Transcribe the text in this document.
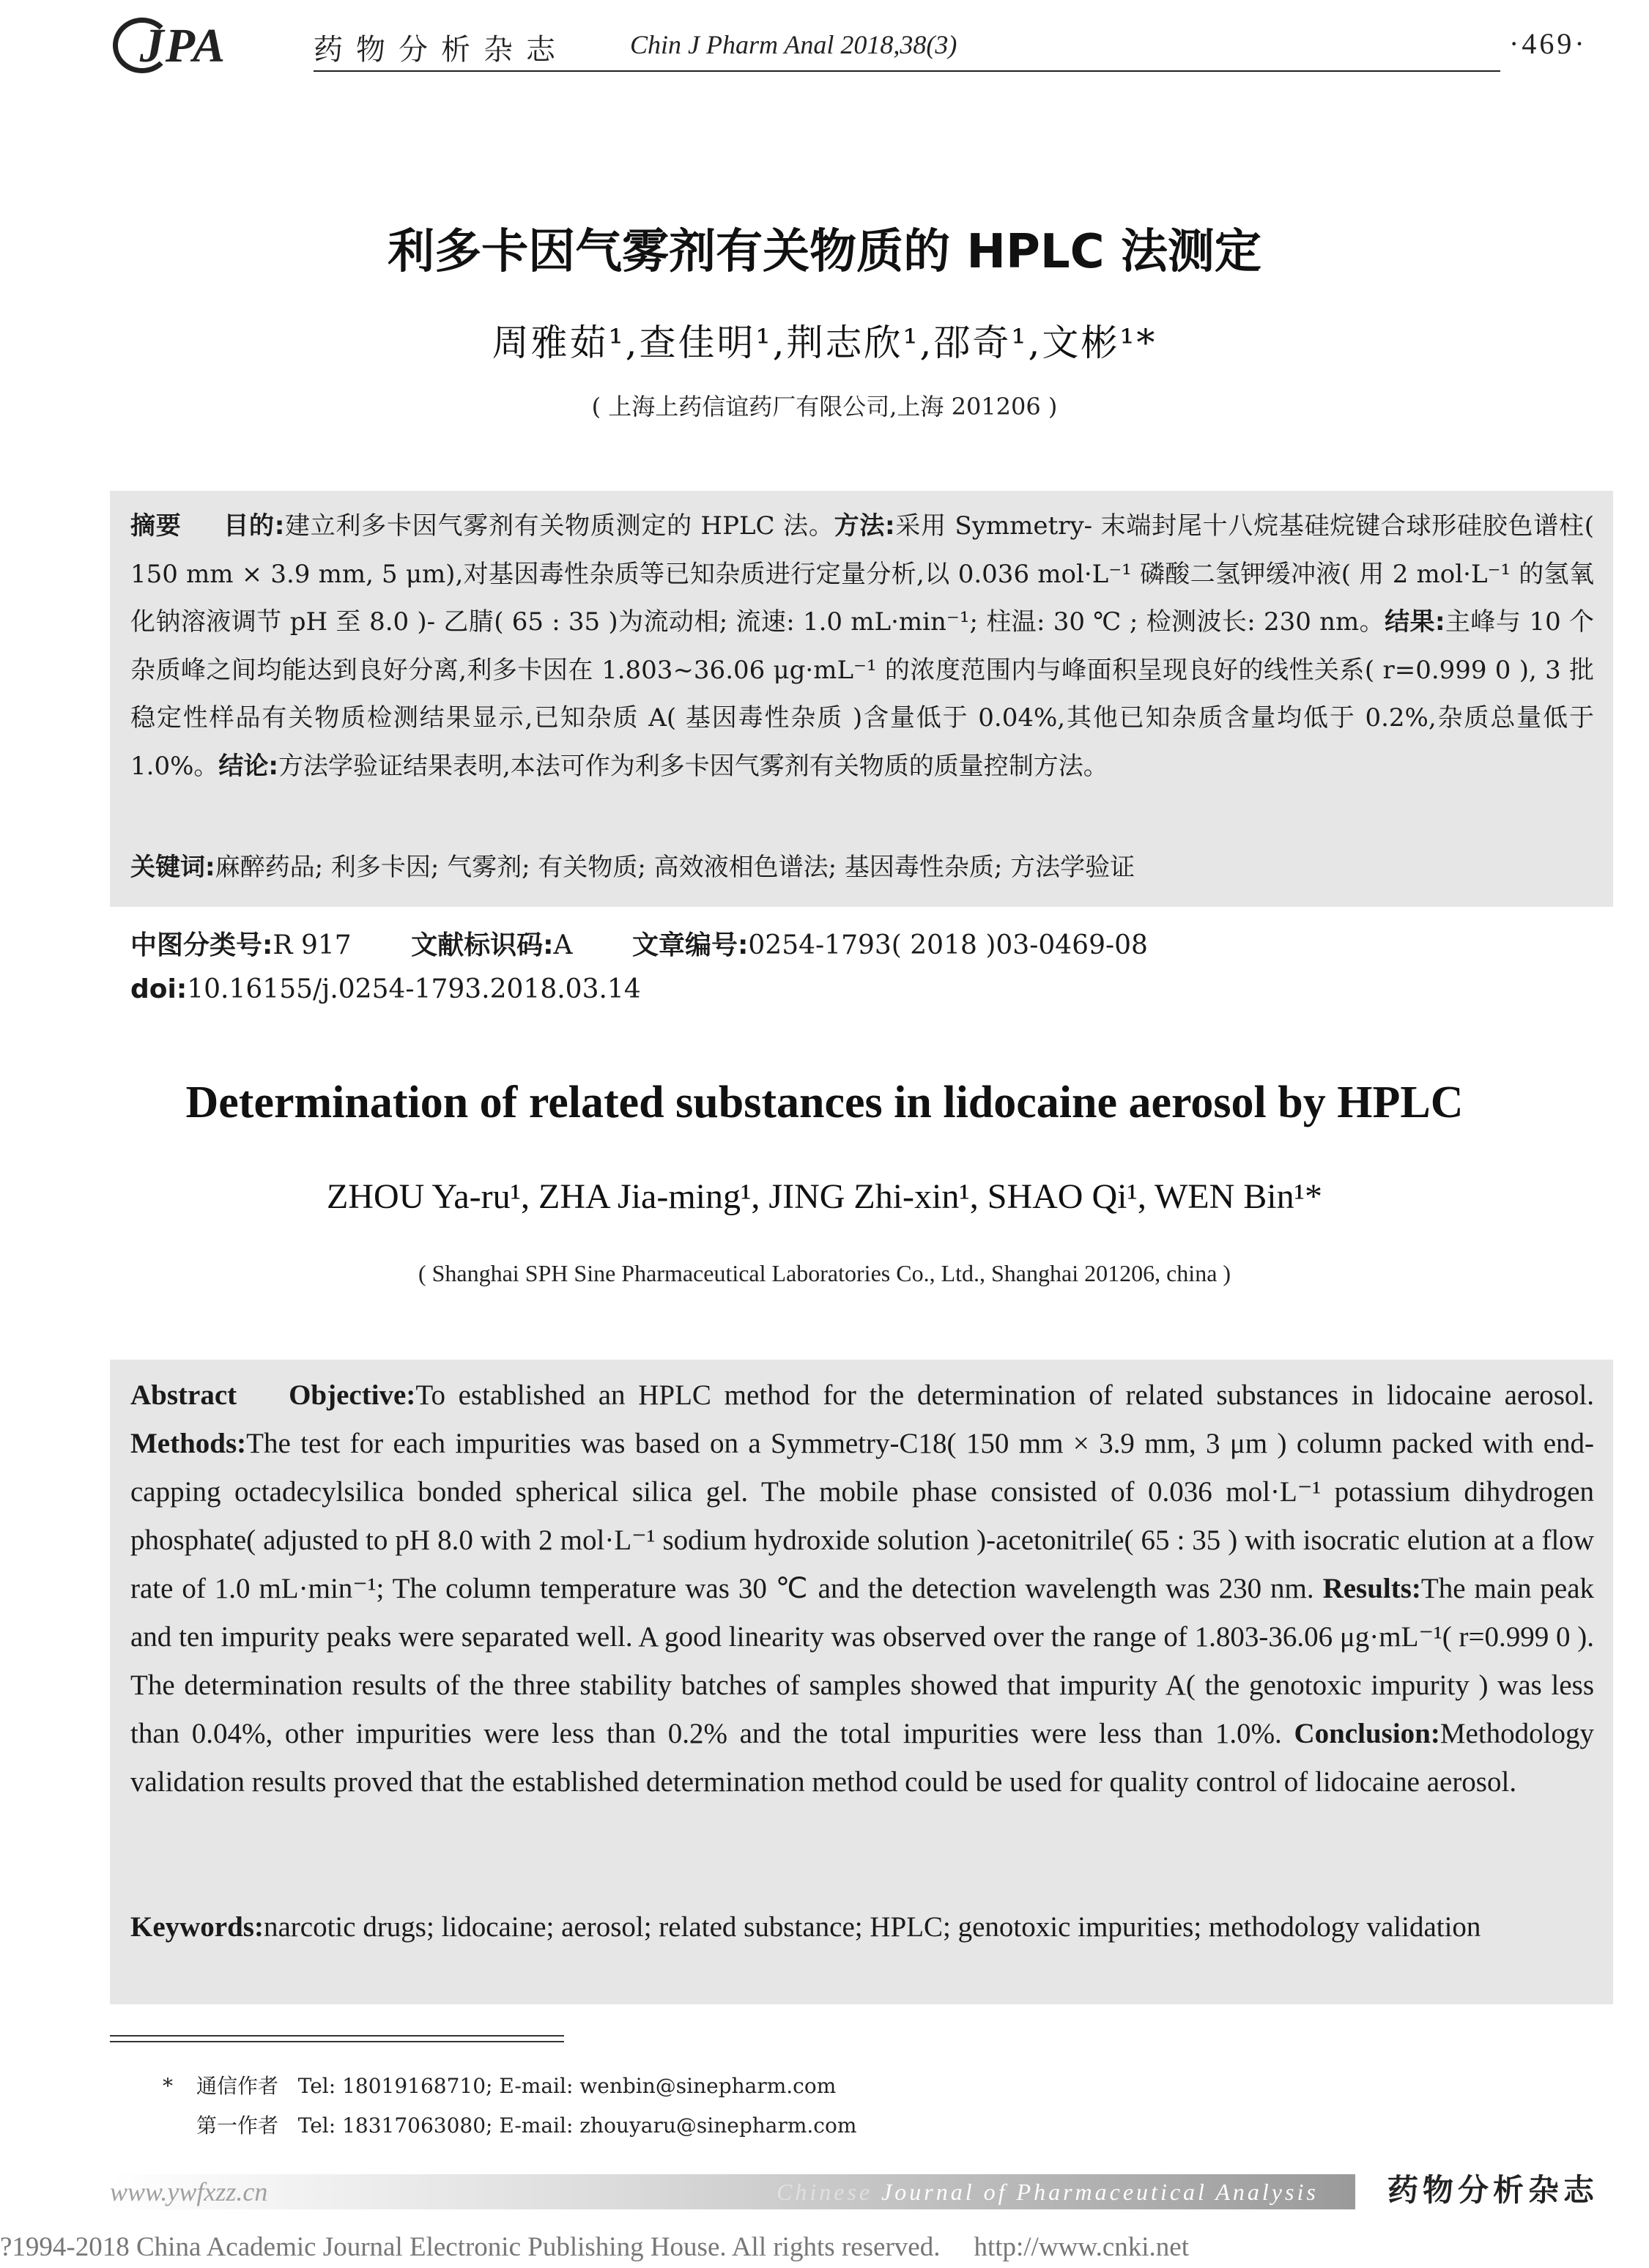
JPA	药物分析杂志 Chin J Pharm Anal 2018,38(3)	·469·
利多卡因气雾剂有关物质的 HPLC 法测定
周雅茹¹,查佳明¹,荆志欣¹,邵奇¹,文彬¹*
( 上海上药信谊药厂有限公司,上海 201206 )
摘要 目的:建立利多卡因气雾剂有关物质测定的 HPLC 法。方法:采用 Symmetry- 末端封尾十八烷基硅烷键合球形硅胶色谱柱( 150 mm × 3.9 mm, 5 μm),对基因毒性杂质等已知杂质进行定量分析,以 0.036 mol·L⁻¹ 磷酸二氢钾缓冲液( 用 2 mol·L⁻¹ 的氢氧化钠溶液调节 pH 至 8.0 )- 乙腈( 65 : 35 )为流动相; 流速: 1.0 mL·min⁻¹; 柱温: 30 ℃ ; 检测波长: 230 nm。结果:主峰与 10 个杂质峰之间均能达到良好分离,利多卡因在 1.803~36.06 μg·mL⁻¹ 的浓度范围内与峰面积呈现良好的线性关系( r=0.999 0 ), 3 批稳定性样品有关物质检测结果显示,已知杂质 A( 基因毒性杂质 )含量低于 0.04%,其他已知杂质含量均低于 0.2%,杂质总量低于 1.0%。结论:方法学验证结果表明,本法可作为利多卡因气雾剂有关物质的质量控制方法。
关键词:麻醉药品; 利多卡因; 气雾剂; 有关物质; 高效液相色谱法; 基因毒性杂质; 方法学验证
中图分类号:R 917 文献标识码:A 文章编号:0254-1793( 2018 )03-0469-08
doi:10.16155/j.0254-1793.2018.03.14
Determination of related substances in lidocaine aerosol by HPLC
ZHOU Ya-ru¹, ZHA Jia-ming¹, JING Zhi-xin¹, SHAO Qi¹, WEN Bin¹*
( Shanghai SPH Sine Pharmaceutical Laboratories Co., Ltd., Shanghai 201206, china )
Abstract Objective:To established an HPLC method for the determination of related substances in lidocaine aerosol. Methods:The test for each impurities was based on a Symmetry-C18( 150 mm × 3.9 mm, 3 μm ) column packed with end-capping octadecylsilica bonded spherical silica gel. The mobile phase consisted of 0.036 mol·L⁻¹ potassium dihydrogen phosphate( adjusted to pH 8.0 with 2 mol·L⁻¹ sodium hydroxide solution )-acetonitrile( 65 : 35 ) with isocratic elution at a flow rate of 1.0 mL·min⁻¹; The column temperature was 30 ℃ and the detection wavelength was 230 nm. Results:The main peak and ten impurity peaks were separated well. A good linearity was observed over the range of 1.803-36.06 μg·mL⁻¹( r=0.999 0 ). The determination results of the three stability batches of samples showed that impurity A( the genotoxic impurity ) was less than 0.04%, other impurities were less than 0.2% and the total impurities were less than 1.0%. Conclusion:Methodology validation results proved that the established determination method could be used for quality control of lidocaine aerosol.
Keywords:narcotic drugs; lidocaine; aerosol; related substance; HPLC; genotoxic impurities; methodology validation
* 通信作者 Tel: 18019168710; E-mail: wenbin@sinepharm.com
第一作者 Tel: 18317063080; E-mail: zhouyaru@sinepharm.com
www.ywfxzz.cn	Chinese Journal of Pharmaceutical Analysis 药物分析杂志
?1994-2018 China Academic Journal Electronic Publishing House. All rights reserved. http://www.cnki.net
